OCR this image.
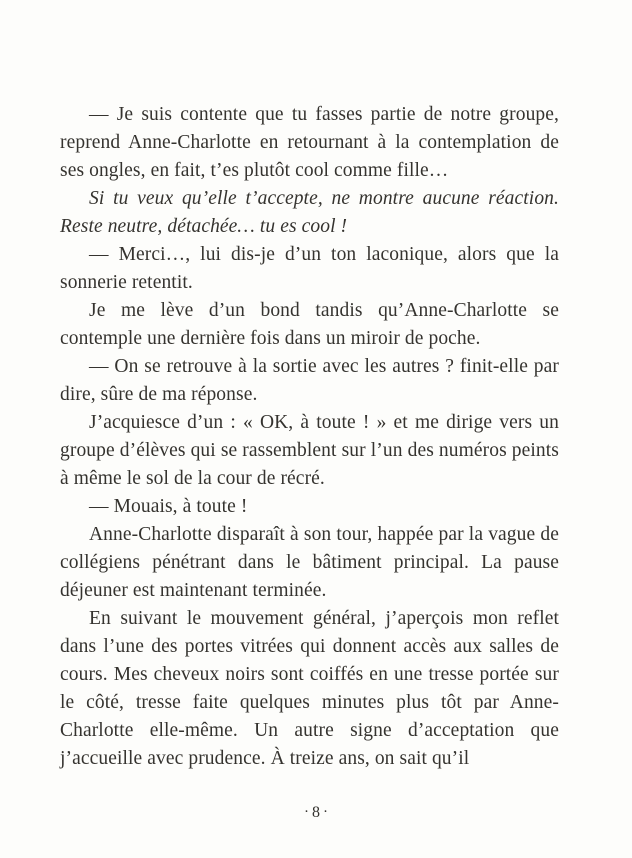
— Je suis contente que tu fasses partie de notre groupe, reprend Anne-Charlotte en retournant à la contemplation de ses ongles, en fait, t’es plutôt cool comme fille…

Si tu veux qu’elle t’accepte, ne montre aucune réaction. Reste neutre, détachée… tu es cool !

— Merci…, lui dis-je d’un ton laconique, alors que la sonnerie retentit.

Je me lève d’un bond tandis qu’Anne-Charlotte se contemple une dernière fois dans un miroir de poche.

— On se retrouve à la sortie avec les autres ? finit-elle par dire, sûre de ma réponse.

J’acquiesce d’un : « OK, à toute ! » et me dirige vers un groupe d’élèves qui se rassemblent sur l’un des numéros peints à même le sol de la cour de récré.

— Mouais, à toute !

Anne-Charlotte disparaît à son tour, happée par la vague de collégiens pénétrant dans le bâtiment principal. La pause déjeuner est maintenant terminée.

En suivant le mouvement général, j’aperçois mon reflet dans l’une des portes vitrées qui donnent accès aux salles de cours. Mes cheveux noirs sont coiffés en une tresse portée sur le côté, tresse faite quelques minutes plus tôt par Anne-Charlotte elle-même. Un autre signe d’acceptation que j’accueille avec prudence. À treize ans, on sait qu’il

· 8 ·
